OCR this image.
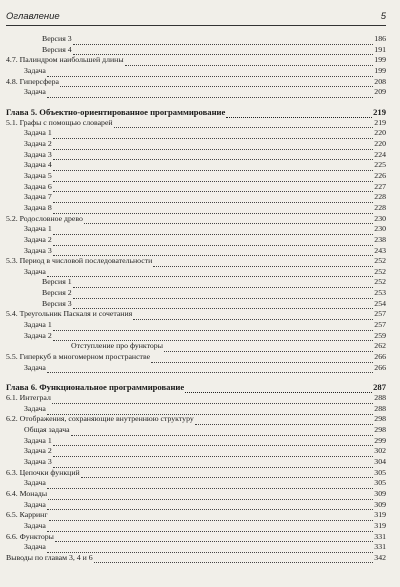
Оглавление	5
Версия 3	186
Версия 4	191
4.7. Палиндром наибольшей длины	199
Задача	199
4.8. Гиперсфера	208
Задача	209
Глава 5. Объектно-ориентированное программирование	219
5.1. Графы с помощью словарей	219
Задача 1	220
Задача 2	220
Задача 3	224
Задача 4	225
Задача 5	226
Задача 6	227
Задача 7	228
Задача 8	228
5.2. Родословное древо	230
Задача 1	230
Задача 2	238
Задача 3	243
5.3. Период в числовой последовательности	252
Задача	252
Версия 1	252
Версия 2	253
Версия 3	254
5.4. Треугольник Паскаля и сочетания	257
Задача 1	257
Задача 2	259
Отступление про функторы	262
5.5. Гиперкуб в многомерном пространстве	266
Задача	266
Глава 6. Функциональное программирование	287
6.1. Интеграл	288
Задача	288
6.2. Отображения, сохраняющие внутреннюю структуру	298
Общая задача	298
Задача 1	299
Задача 2	302
Задача 3	304
6.3. Цепочки функций	305
Задача	305
6.4. Монады	309
Задача	309
6.5. Карринг	319
Задача	319
6.6. Функторы	331
Задача	331
Выводы по главам 3, 4 и 6	342
